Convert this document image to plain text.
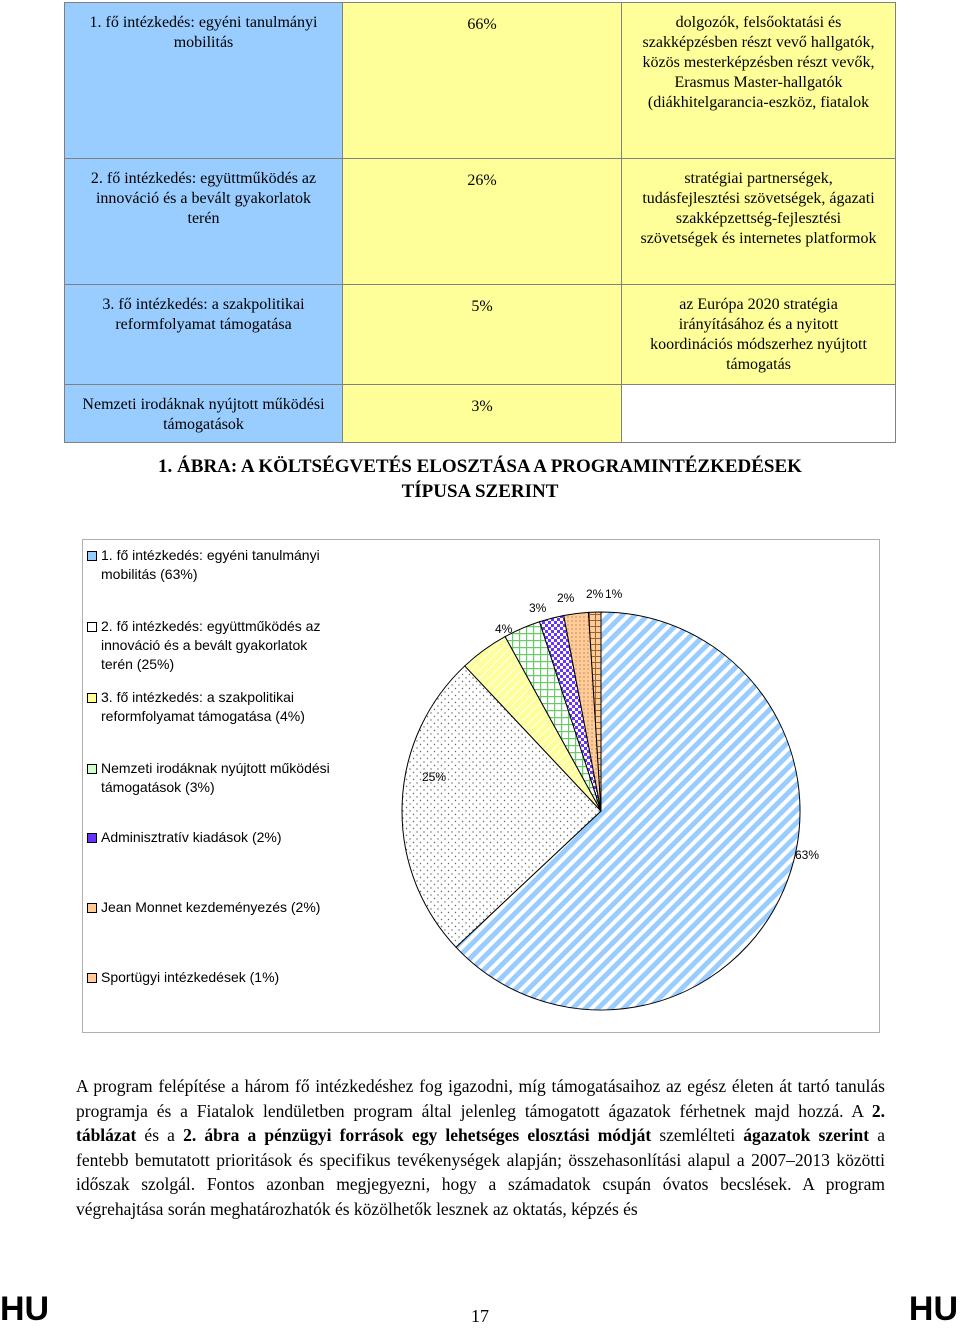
1. fő intézkedés: egyéni tanulmányi mobilitás	66%	dolgozók, felsőoktatási és szakképzésben részt vevő hallgatók, közös mesterképzésben részt vevők, Erasmus Master-hallgatók (diákhitelgarancia-eszköz, fiatalok

2. fő intézkedés: együttműködés az innováció és a bevált gyakorlatok terén	26%	stratégiai partnerségek, tudásfejlesztési szövetségek, ágazati szakképzettség-fejlesztési szövetségek és internetes platformok

3. fő intézkedés: a szakpolitikai reformfolyamat támogatása	5%	az Európa 2020 stratégia irányításához és a nyitott koordinációs módszerhez nyújtott támogatás

Nemzeti irodáknak nyújtott működési támogatások	3%	

1. ÁBRA: A KÖLTSÉGVETÉS ELOSZTÁSA A PROGRAMINTÉZKEDÉSEK
TÍPUSA SZERINT
1. fő intézkedés: egyéni tanulmányi mobilitás (63%)
2. fő intézkedés: együttműködés az innováció és a bevált gyakorlatok terén (25%)
3. fő intézkedés: a szakpolitikai reformfolyamat támogatása (4%)
Nemzeti irodáknak nyújtott működési támogatások (3%)
Adminisztratív kiadások (2%)
Jean Monnet kezdeményezés (2%)
Sportügyi intézkedések (1%)
63%
25%
4%
3%
2% 2% 1%
A program felépítése a három fő intézkedéshez fog igazodni, míg támogatásaihoz az egész életen át tartó tanulás programja és a Fiatalok lendületben program által jelenleg támogatott ágazatok férhetnek majd hozzá. A 2. táblázat és a 2. ábra a pénzügyi források egy lehetséges elosztási módját szemlélteti ágazatok szerint a fentebb bemutatott prioritások és specifikus tevékenységek alapján; összehasonlítási alapul a 2007–2013 közötti időszak szolgál. Fontos azonban megjegyezni, hogy a számadatok csupán óvatos becslések. A program végrehajtása során meghatározhatók és közölhetők lesznek az oktatás, képzés és
HU	HU
17
